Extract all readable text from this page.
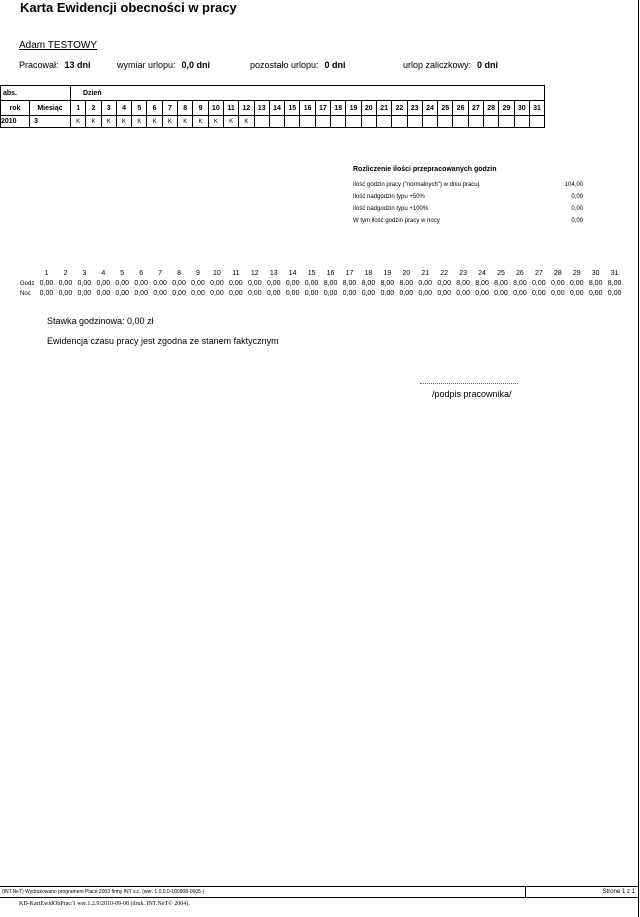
Karta Ewidencji obecności w pracy
Adam TESTOWY
Pracował: 13 dni	wymiar urlopu: 0,0 dni	pozostało urlopu: 0 dni	urlop zaliczkowy: 0 dni
abs.		Dzień																														
rok	Miesiąc	1	2	3	4	5	6	7	8	9	10	11	12	13	14	15	16	17	18	19	20	21	22	23	24	25	26	27	28	29	30	31
2010	3	K	K	K	K	K	K	K	K	K	K	K	K																			
Rozliczenie ilości przepracowanych godzin
Ilość godzin pracy ("normalnych") w dniu pracuj.	104,00
Ilość nadgodzin typu +50%	0,00
Ilość nadgodzin typu +100%	0,00
W tym ilość godzin pracy w nocy	0,00
1	2	3	4	5	6	7	8	9	10	11	12	13	14	15	16	17	18	19	20	21	22	23	24	25	26	27	28	29	30	31
Godz 0,00 0,00 0,00 0,00 0,00 0,00 0,00 0,00 0,00 0,00 0,00 0,00 0,00 0,00 0,00 8,00 8,00 8,00 8,00 8,00 0,00 0,00 8,00 8,00 8,00 8,00 0,00 0,00 0,00 8,00 8,00
Noc	0,00 0,00 0,00 0,00 0,00 0,00 0,00 0,00 0,00 0,00 0,00 0,00 0,00 0,00 0,00 0,00 0,00 0,00 0,00 0,00 0,00 0,00 0,00 0,00 0,00 0,00 0,00 0,00 0,00 0,00 0,00
Stawka godzinowa: 0,00 zł
Ewidencja czasu pracy jest zgodna ze stanem faktycznym
/podpis pracownika/
(INT.NeT) Wydrukowano programem Place 2003 firmy INT s.c. (wer. 1.0.0.0-100908-0605-)	Strone 1 z 1
KD-KartEwidObPrac/1 wer.1.2.9/2010-09-08 (druk. INT.NeT© 2004).
